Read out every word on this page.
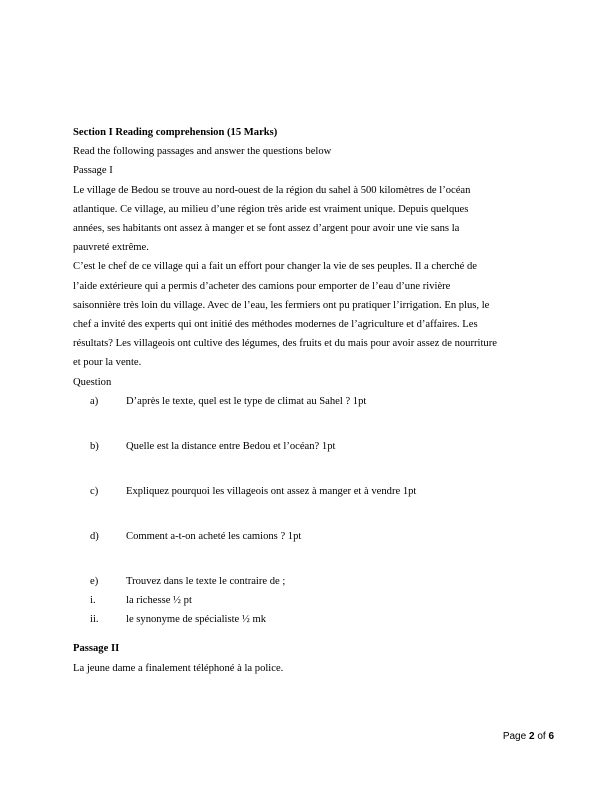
Section I Reading comprehension (15 Marks)
Read the following passages and answer the questions below
Passage I
Le village de Bedou se trouve au nord-ouest de la région du sahel à 500 kilomètres de l’océan
atlantique. Ce village, au milieu d’une région très aride est vraiment unique. Depuis quelques
années, ses habitants ont assez à manger et se font assez d’argent pour avoir une vie sans la
pauvreté extrême.
C’est le chef de ce village qui a fait un effort pour changer la vie de ses peuples. Il a cherché de
l’aide extérieure qui a permis d’acheter des camions pour emporter de l’eau d’une rivière
saisonnière très loin du village. Avec de l’eau, les fermiers ont pu pratiquer l’irrigation. En plus, le
chef a invité des experts qui ont initié des méthodes modernes de l’agriculture et d’affaires. Les
résultats? Les villageois ont cultive des légumes, des fruits et du mais pour avoir assez de nourriture
et pour la vente.
Question
a)	D’après le texte, quel est le type de climat au Sahel ? 1pt
b)	Quelle est la distance entre Bedou et l’océan? 1pt
c)	Expliquez pourquoi les villageois ont assez à manger et à vendre 1pt
d)	Comment a-t-on acheté les camions ? 1pt
e)	Trouvez dans le texte le contraire de ;
i.	la richesse ½ pt
ii.	le synonyme de spécialiste ½ mk
Passage II
La jeune dame a finalement téléphoné à la police.
Page 2 of 6
